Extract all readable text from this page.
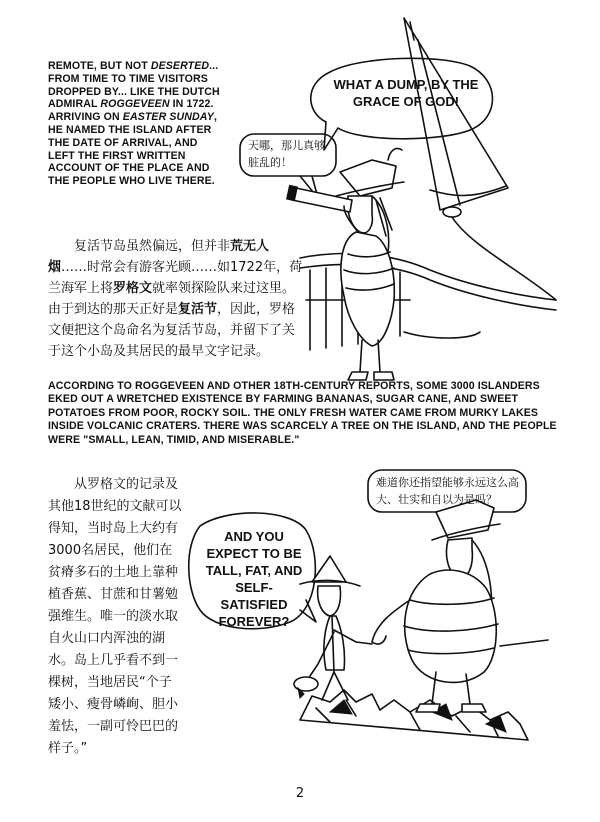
REMOTE, BUT NOT DESERTED... FROM TIME TO TIME VISITORS DROPPED BY... LIKE THE DUTCH ADMIRAL ROGGEVEEN IN 1722. ARRIVING ON EASTER SUNDAY, HE NAMED THE ISLAND AFTER THE DATE OF ARRIVAL, AND LEFT THE FIRST WRITTEN ACCOUNT OF THE PLACE AND THE PEOPLE WHO LIVE THERE.
复活节岛虽然偏远，但并非荒无人烟……时常会有游客光顾……如1722年，荷兰海军上将罗格文就率领探险队来过这里。由于到达的那天正好是复活节，因此，罗格文便把这个岛命名为复活节岛，并留下了关于这个小岛及其居民的最早文字记录。
WHAT A DUMP, BY THE GRACE OF GOD!
天哪，那儿真够脏乱的！
ACCORDING TO ROGGEVEEN AND OTHER 18TH-CENTURY REPORTS, SOME 3000 ISLANDERS EKED OUT A WRETCHED EXISTENCE BY FARMING BANANAS, SUGAR CANE, AND SWEET POTATOES FROM POOR, ROCKY SOIL. THE ONLY FRESH WATER CAME FROM MURKY LAKES INSIDE VOLCANIC CRATERS. THERE WAS SCARCELY A TREE ON THE ISLAND, AND THE PEOPLE WERE "SMALL, LEAN, TIMID, AND MISERABLE."
从罗格文的记录及其他18世纪的文献可以得知，当时岛上大约有3000名居民，他们在贫瘠多石的土地上靠种植香蕉、甘蔗和甘薯勉强维生。唯一的淡水取自火山口内浑浊的湖水。岛上几乎看不到一棵树，当地居民“个子矮小、瘦骨嶙峋、胆小羞怯，一副可怜巴巴的样子。”
难道你还指望能够永远这么高大、壮实和自以为是吗？
AND YOU EXPECT TO BE TALL, FAT, AND SELF-SATISFIED FOREVER?
2
